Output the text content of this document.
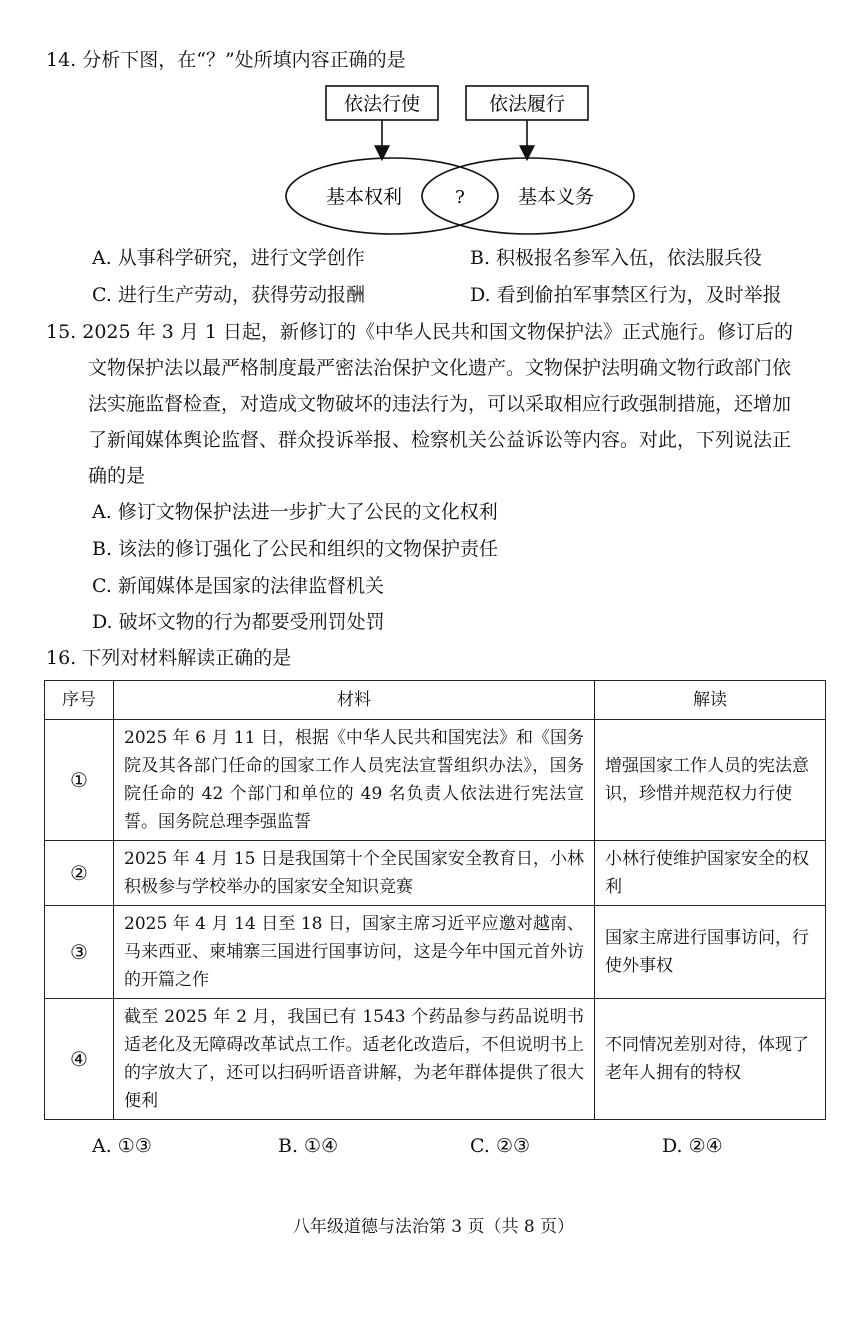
14. 分析下图，在“？”处所填内容正确的是
依法行使	依法履行
基本权利	基本义务
?
A. 从事科学研究，进行文学创作	B. 积极报名参军入伍，依法服兵役
C. 进行生产劳动，获得劳动报酬	D. 看到偷拍军事禁区行为，及时举报
15. 2025 年 3 月 1 日起，新修订的《中华人民共和国文物保护法》正式施行。修订后的
文物保护法以最严格制度最严密法治保护文化遗产。文物保护法明确文物行政部门依
法实施监督检查，对造成文物破坏的违法行为，可以采取相应行政强制措施，还增加
了新闻媒体舆论监督、群众投诉举报、检察机关公益诉讼等内容。对此，下列说法正
确的是
A. 修订文物保护法进一步扩大了公民的文化权利
B. 该法的修订强化了公民和组织的文物保护责任
C. 新闻媒体是国家的法律监督机关
D. 破坏文物的行为都要受刑罚处罚
16. 下列对材料解读正确的是
序号	材料	解读
①	2025 年 6 月 11 日，根据《中华人民共和国宪法》和《国务院及其各部门任命的国家工作人员宪法宣誓组织办法》，国务院任命的 42 个部门和单位的 49 名负责人依法进行宪法宣誓。国务院总理李强监誓	增强国家工作人员的宪法意识，珍惜并规范权力行使
②	2025 年 4 月 15 日是我国第十个全民国家安全教育日，小林积极参与学校举办的国家安全知识竞赛	小林行使维护国家安全的权利
③	2025 年 4 月 14 日至 18 日，国家主席习近平应邀对越南、马来西亚、柬埔寨三国进行国事访问，这是今年中国元首外访的开篇之作	国家主席进行国事访问，行使外事权
④	截至 2025 年 2 月，我国已有 1543 个药品参与药品说明书适老化及无障碍改革试点工作。适老化改造后，不但说明书上的字放大了，还可以扫码听语音讲解，为老年群体提供了很大便利	不同情况差别对待，体现了老年人拥有的特权
A. ①③	B. ①④	C. ②③	D. ②④
八年级道德与法治第 3 页（共 8 页）
